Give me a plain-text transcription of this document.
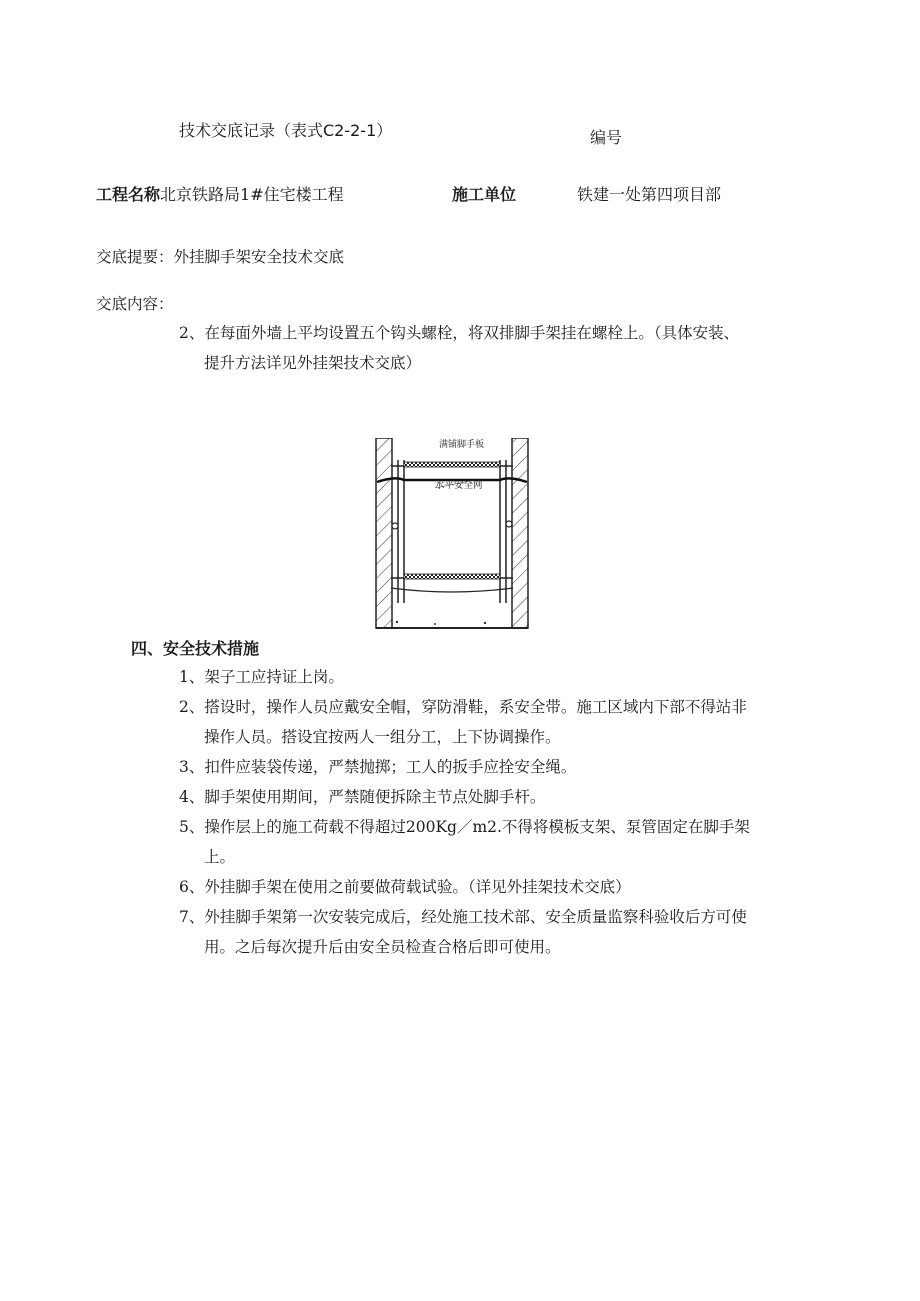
技术交底记录（表式C2-2-1）	编号
工程名称北京铁路局1#住宅楼工程	施工单位	铁建一处第四项目部
交底提要：外挂脚手架安全技术交底
交底内容：
2、在每面外墙上平均设置五个钩头螺栓，将双排脚手架挂在螺栓上。（具体安装、
提升方法详见外挂架技术交底）
满铺脚手板
水平安全网
四、安全技术措施
1、架子工应持证上岗。
2、搭设时，操作人员应戴安全帽，穿防滑鞋，系安全带。施工区域内下部不得站非
操作人员。搭设宜按两人一组分工，上下协调操作。
3、扣件应装袋传递，严禁抛掷；工人的扳手应拴安全绳。
4、脚手架使用期间，严禁随便拆除主节点处脚手杆。
5、操作层上的施工荷载不得超过200Kg／m2.不得将模板支架、泵管固定在脚手架
上。
6、外挂脚手架在使用之前要做荷载试验。（详见外挂架技术交底）
7、外挂脚手架第一次安装完成后，经处施工技术部、安全质量监察科验收后方可使
用。之后每次提升后由安全员检查合格后即可使用。
